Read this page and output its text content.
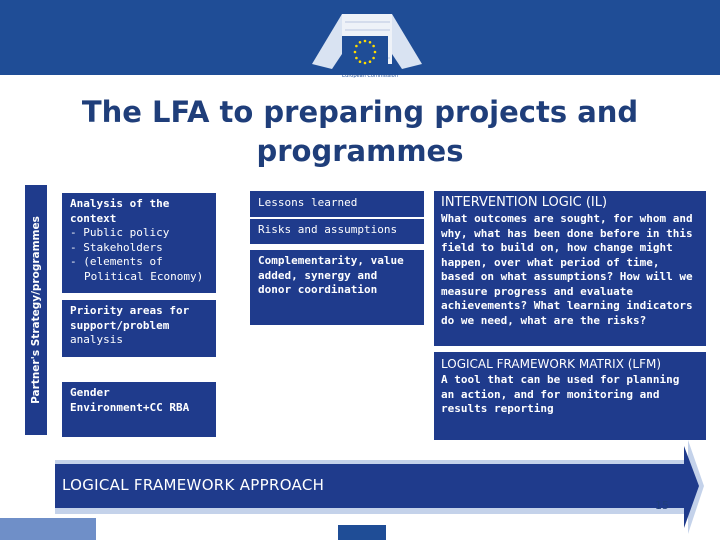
European Commission
The LFA to preparing projects and
programmes
Partner's Strategy/programmes
Analysis of the context
- Public policy
- Stakeholders
- (elements of Political Economy)
Priority areas for support/problem
analysis
Lessons learned
Risks and assumptions
Complementarity, value added, synergy and donor coordination
Gender Environment+CC RBA
INTERVENTION LOGIC (IL)
What outcomes are sought, for whom and why, what has been done before in this field to build on, how change might happen, over what period of time, based on what assumptions? How will we measure progress and evaluate achievements? What learning indicators do we need, what are the risks?
LOGICAL FRAMEWORK MATRIX (LFM)
A tool that can be used for planning an action, and for monitoring and results reporting
LOGICAL FRAMEWORK APPROACH
15
